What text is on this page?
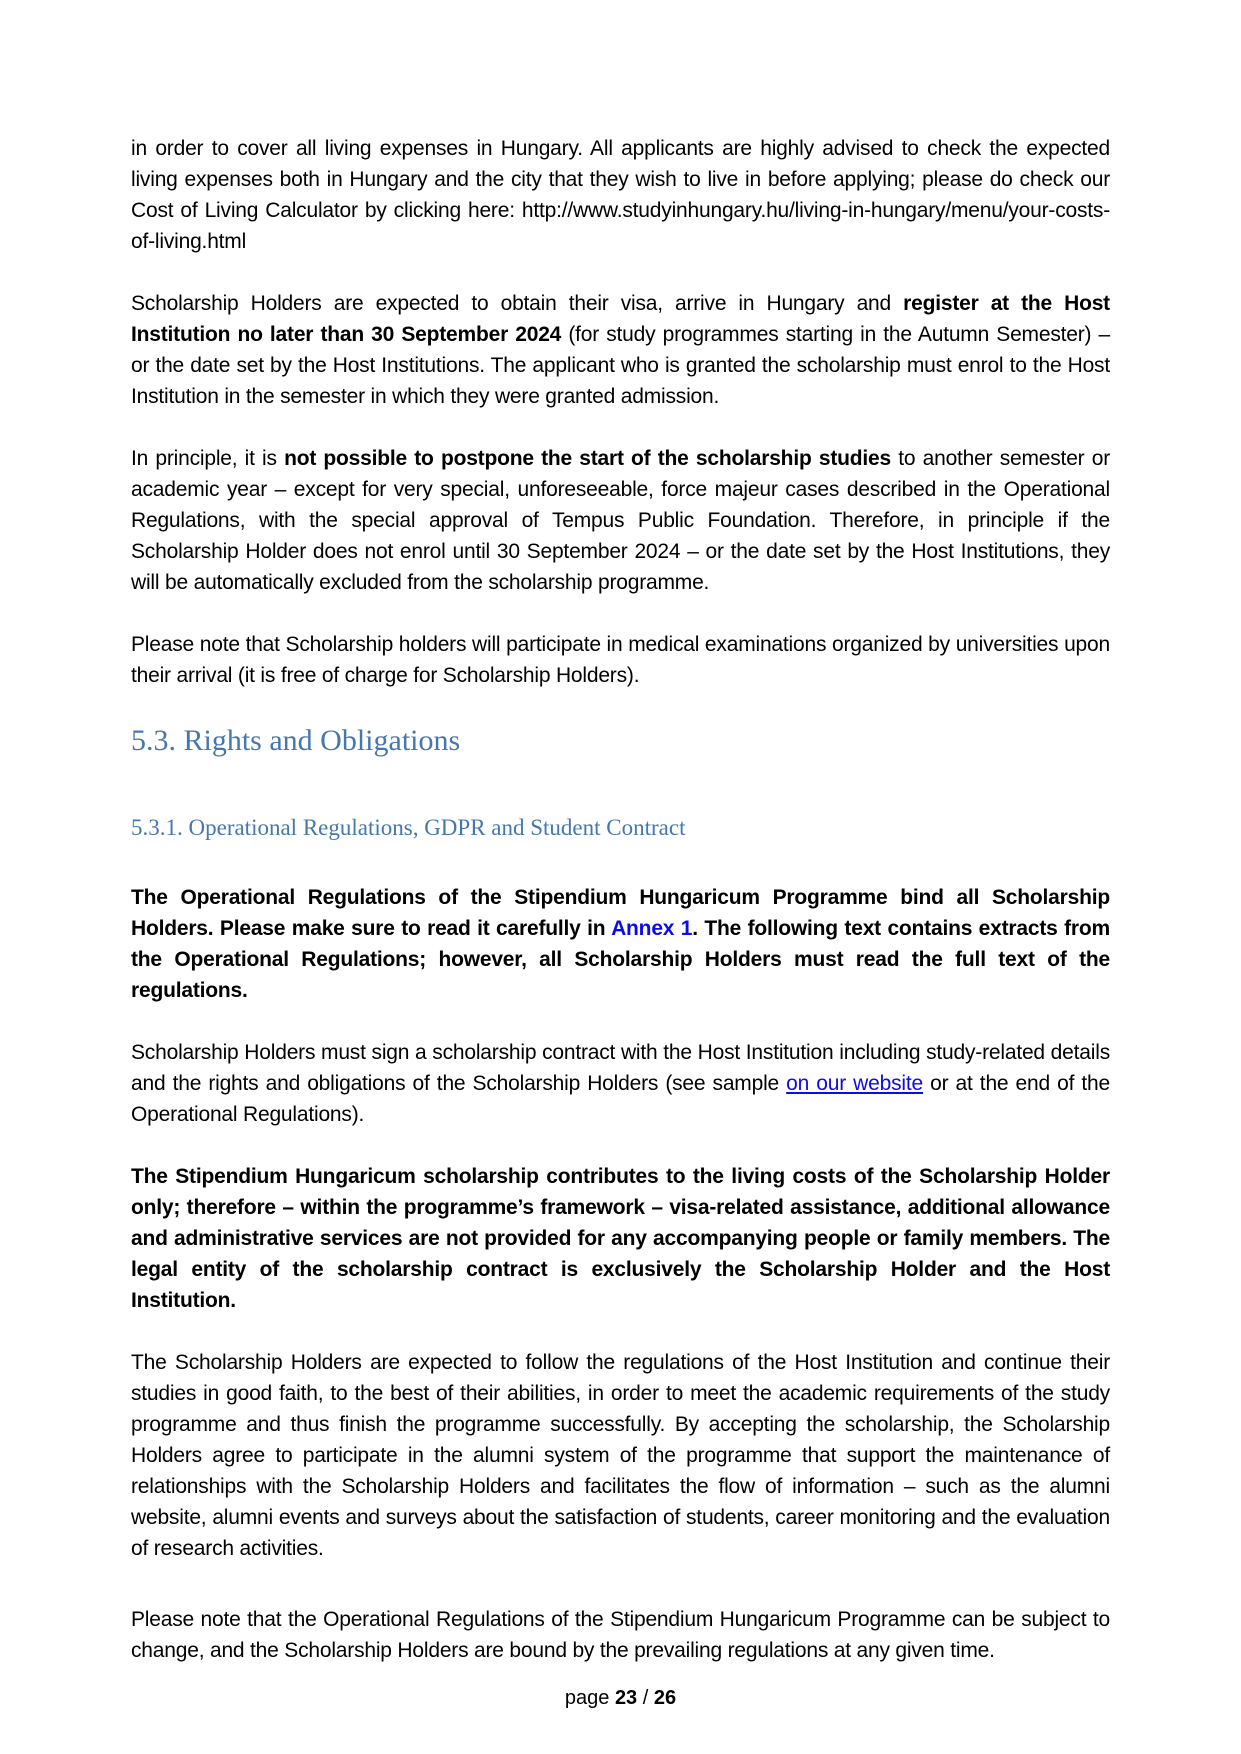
in order to cover all living expenses in Hungary. All applicants are highly advised to check the expected living expenses both in Hungary and the city that they wish to live in before applying; please do check our Cost of Living Calculator by clicking here: http://www.studyinhungary.hu/living-in-hungary/menu/your-costs-of-living.html

Scholarship Holders are expected to obtain their visa, arrive in Hungary and register at the Host Institution no later than 30 September 2024 (for study programmes starting in the Autumn Semester) – or the date set by the Host Institutions. The applicant who is granted the scholarship must enrol to the Host Institution in the semester in which they were granted admission.

In principle, it is not possible to postpone the start of the scholarship studies to another semester or academic year – except for very special, unforeseeable, force majeur cases described in the Operational Regulations, with the special approval of Tempus Public Foundation. Therefore, in principle if the Scholarship Holder does not enrol until 30 September 2024 – or the date set by the Host Institutions, they will be automatically excluded from the scholarship programme.

Please note that Scholarship holders will participate in medical examinations organized by universities upon their arrival (it is free of charge for Scholarship Holders).

5.3. Rights and Obligations
5.3.1. Operational Regulations, GDPR and Student Contract

The Operational Regulations of the Stipendium Hungaricum Programme bind all Scholarship Holders. Please make sure to read it carefully in Annex 1. The following text contains extracts from the Operational Regulations; however, all Scholarship Holders must read the full text of the regulations.

Scholarship Holders must sign a scholarship contract with the Host Institution including study-related details and the rights and obligations of the Scholarship Holders (see sample on our website or at the end of the Operational Regulations).

The Stipendium Hungaricum scholarship contributes to the living costs of the Scholarship Holder only; therefore – within the programme’s framework – visa-related assistance, additional allowance and administrative services are not provided for any accompanying people or family members. The legal entity of the scholarship contract is exclusively the Scholarship Holder and the Host Institution.

The Scholarship Holders are expected to follow the regulations of the Host Institution and continue their studies in good faith, to the best of their abilities, in order to meet the academic requirements of the study programme and thus finish the programme successfully. By accepting the scholarship, the Scholarship Holders agree to participate in the alumni system of the programme that support the maintenance of relationships with the Scholarship Holders and facilitates the flow of information – such as the alumni website, alumni events and surveys about the satisfaction of students, career monitoring and the evaluation of research activities.

Please note that the Operational Regulations of the Stipendium Hungaricum Programme can be subject to change, and the Scholarship Holders are bound by the prevailing regulations at any given time.

page 23 / 26
